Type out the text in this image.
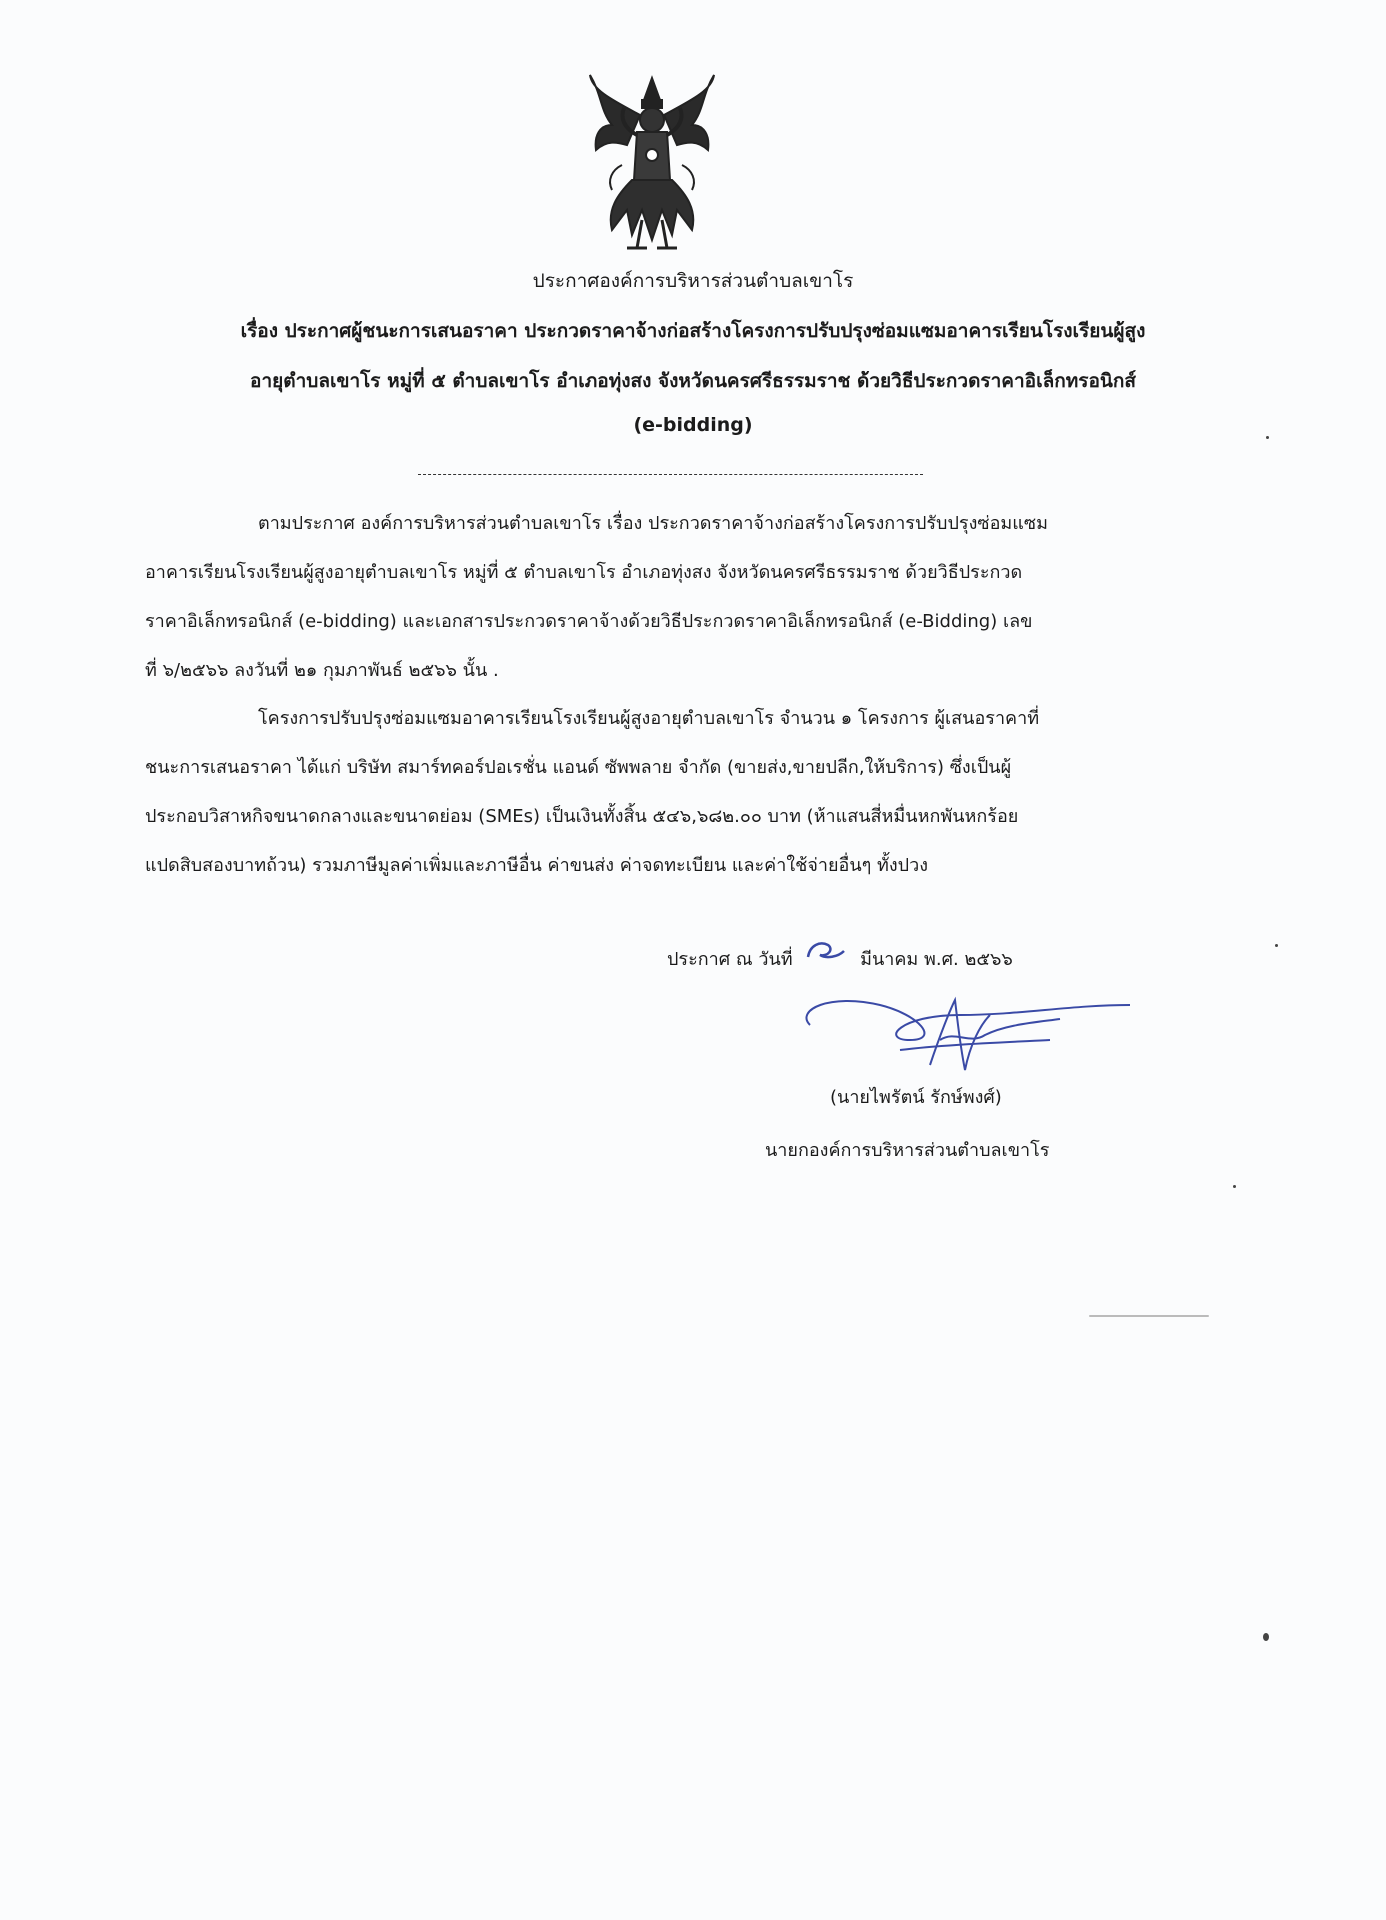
ประกาศองค์การบริหารส่วนตำบลเขาโร
เรื่อง ประกาศผู้ชนะการเสนอราคา ประกวดราคาจ้างก่อสร้างโครงการปรับปรุงซ่อมแซมอาคารเรียนโรงเรียนผู้สูง
อายุตำบลเขาโร หมู่ที่ ๕ ตำบลเขาโร อำเภอทุ่งสง จังหวัดนครศรีธรรมราช ด้วยวิธีประกวดราคาอิเล็กทรอนิกส์
(e-bidding)
ตามประกาศ องค์การบริหารส่วนตำบลเขาโร เรื่อง ประกวดราคาจ้างก่อสร้างโครงการปรับปรุงซ่อมแซม
อาคารเรียนโรงเรียนผู้สูงอายุตำบลเขาโร หมู่ที่ ๕ ตำบลเขาโร อำเภอทุ่งสง จังหวัดนครศรีธรรมราช ด้วยวิธีประกวด
ราคาอิเล็กทรอนิกส์ (e-bidding) และเอกสารประกวดราคาจ้างด้วยวิธีประกวดราคาอิเล็กทรอนิกส์ (e-Bidding) เลข
ที่ ๖/๒๕๖๖ ลงวันที่ ๒๑ กุมภาพันธ์ ๒๕๖๖ นั้น .
โครงการปรับปรุงซ่อมแซมอาคารเรียนโรงเรียนผู้สูงอายุตำบลเขาโร จำนวน ๑ โครงการ ผู้เสนอราคาที่
ชนะการเสนอราคา ได้แก่ บริษัท สมาร์ทคอร์ปอเรชั่น แอนด์ ซัพพลาย จำกัด (ขายส่ง,ขายปลีก,ให้บริการ) ซึ่งเป็นผู้
ประกอบวิสาหกิจขนาดกลางและขนาดย่อม (SMEs) เป็นเงินทั้งสิ้น ๕๔๖,๖๘๒.๐๐ บาท (ห้าแสนสี่หมื่นหกพันหกร้อย
แปดสิบสองบาทถ้วน) รวมภาษีมูลค่าเพิ่มและภาษีอื่น ค่าขนส่ง ค่าจดทะเบียน และค่าใช้จ่ายอื่นๆ ทั้งปวง
ประกาศ ณ วันที่	มีนาคม พ.ศ. ๒๕๖๖
(นายไพรัตน์ รักษ์พงศ์)
นายกองค์การบริหารส่วนตำบลเขาโร
